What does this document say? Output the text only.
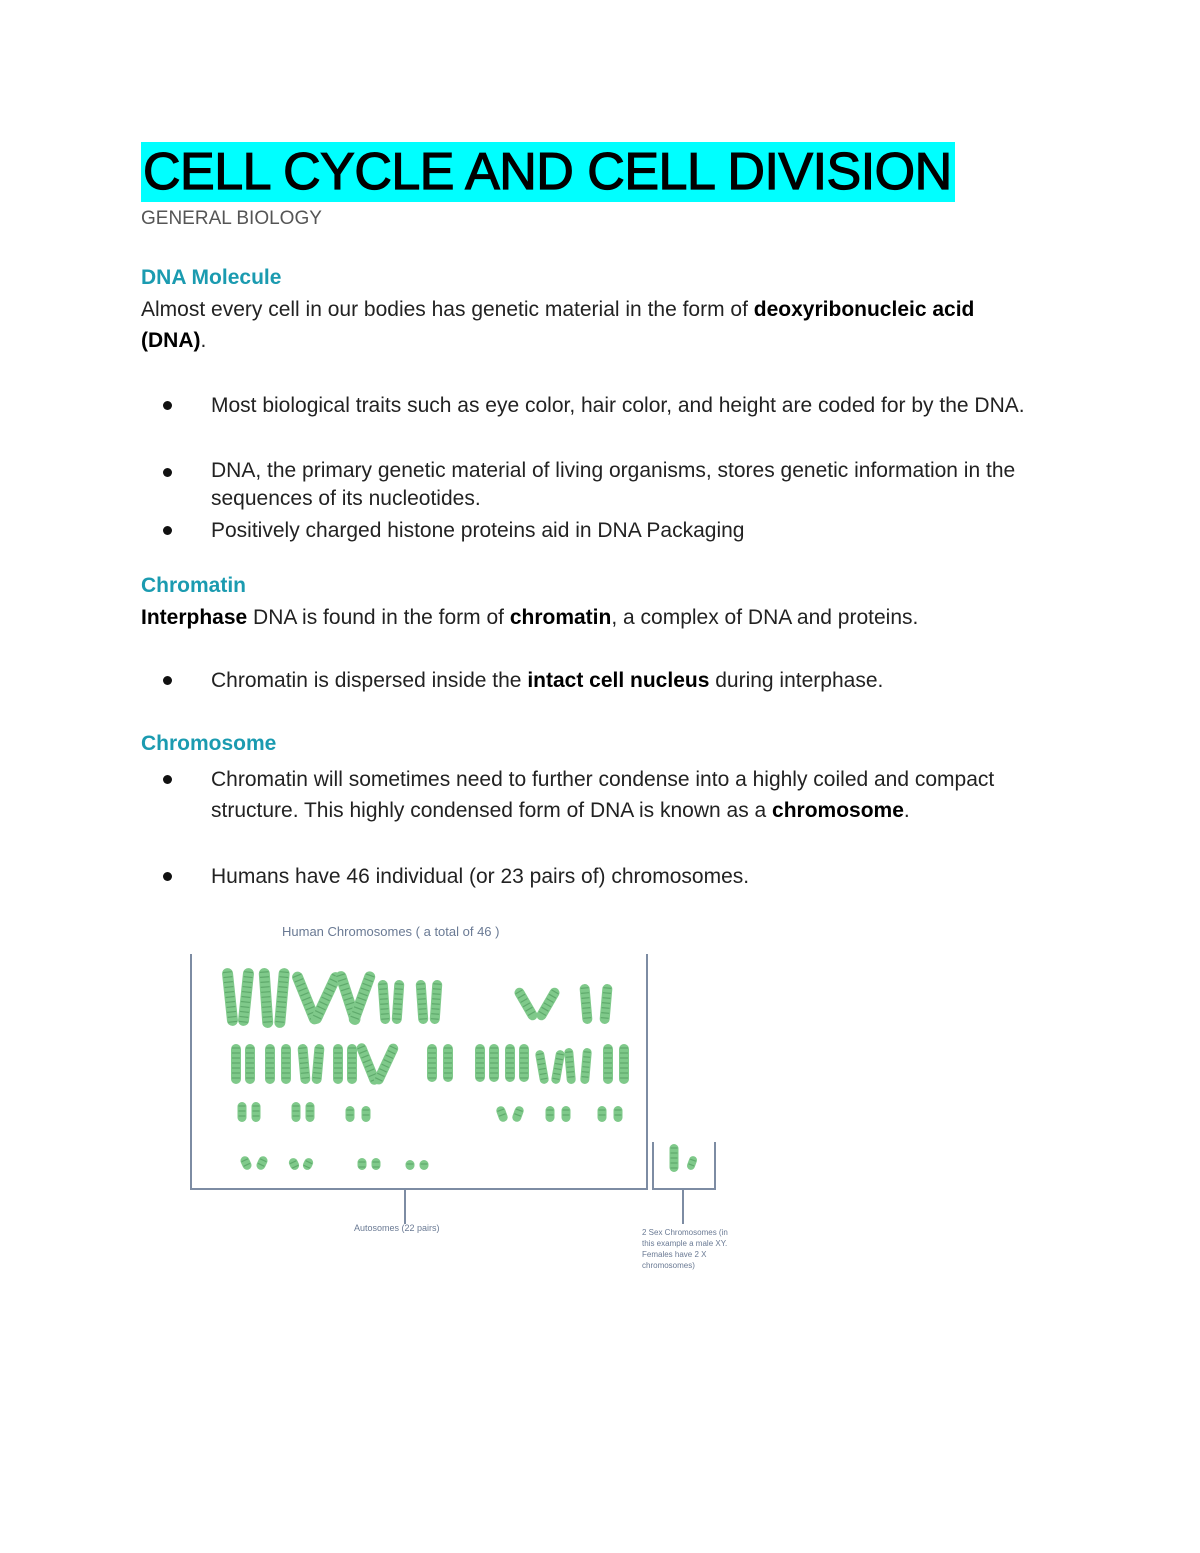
CELL CYCLE AND CELL DIVISION
GENERAL BIOLOGY
DNA Molecule
Almost every cell in our bodies has genetic material in the form of deoxyribonucleic acid (DNA).
Most biological traits such as eye color, hair color, and height are coded for by the DNA.
DNA, the primary genetic material of living organisms, stores genetic information in the sequences of its nucleotides.
Positively charged histone proteins aid in DNA Packaging
Chromatin
Interphase DNA is found in the form of chromatin, a complex of DNA and proteins.
Chromatin is dispersed inside the intact cell nucleus during interphase.
Chromosome
Chromatin will sometimes need to further condense into a highly coiled and compact structure. This highly condensed form of DNA is known as a chromosome.
Humans have 46 individual (or 23 pairs of) chromosomes.
Human Chromosomes ( a total of 46 )
Autosomes (22 pairs)	2 Sex Chromosomes (in this example a male XY. Females have 2 X chromosomes)
